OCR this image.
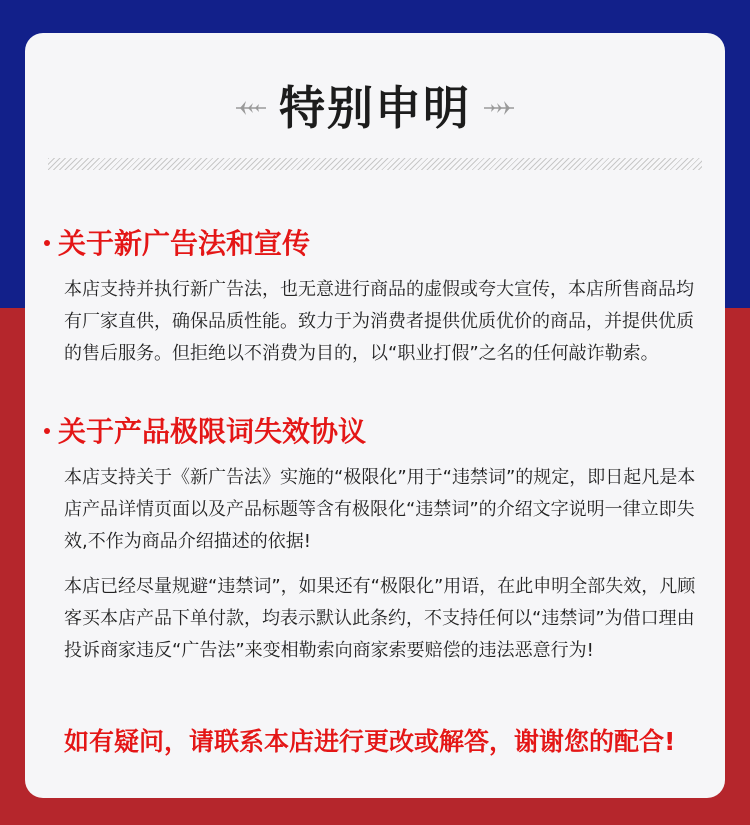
特别申明
关于新广告法和宣传

本店支持并执行新广告法，也无意进行商品的虚假或夸大宣传，本店所售商品均有厂家直供，确保品质性能。致力于为消费者提供优质优价的商品，并提供优质的售后服务。但拒绝以不消费为目的，以“职业打假”之名的任何敲诈勒索。

关于产品极限词失效协议

本店支持关于《新广告法》实施的“极限化”用于“违禁词”的规定，即日起凡是本店产品详情页面以及产品标题等含有极限化“违禁词”的介绍文字说明一律立即失效,不作为商品介绍描述的依据!

本店已经尽量规避“违禁词”，如果还有“极限化”用语，在此申明全部失效，凡顾客买本店产品下单付款，均表示默认此条约，不支持任何以“违禁词”为借口理由投诉商家违反“广告法”来变相勒索向商家索要赔偿的违法恶意行为!

如有疑问，请联系本店进行更改或解答，谢谢您的配合!
